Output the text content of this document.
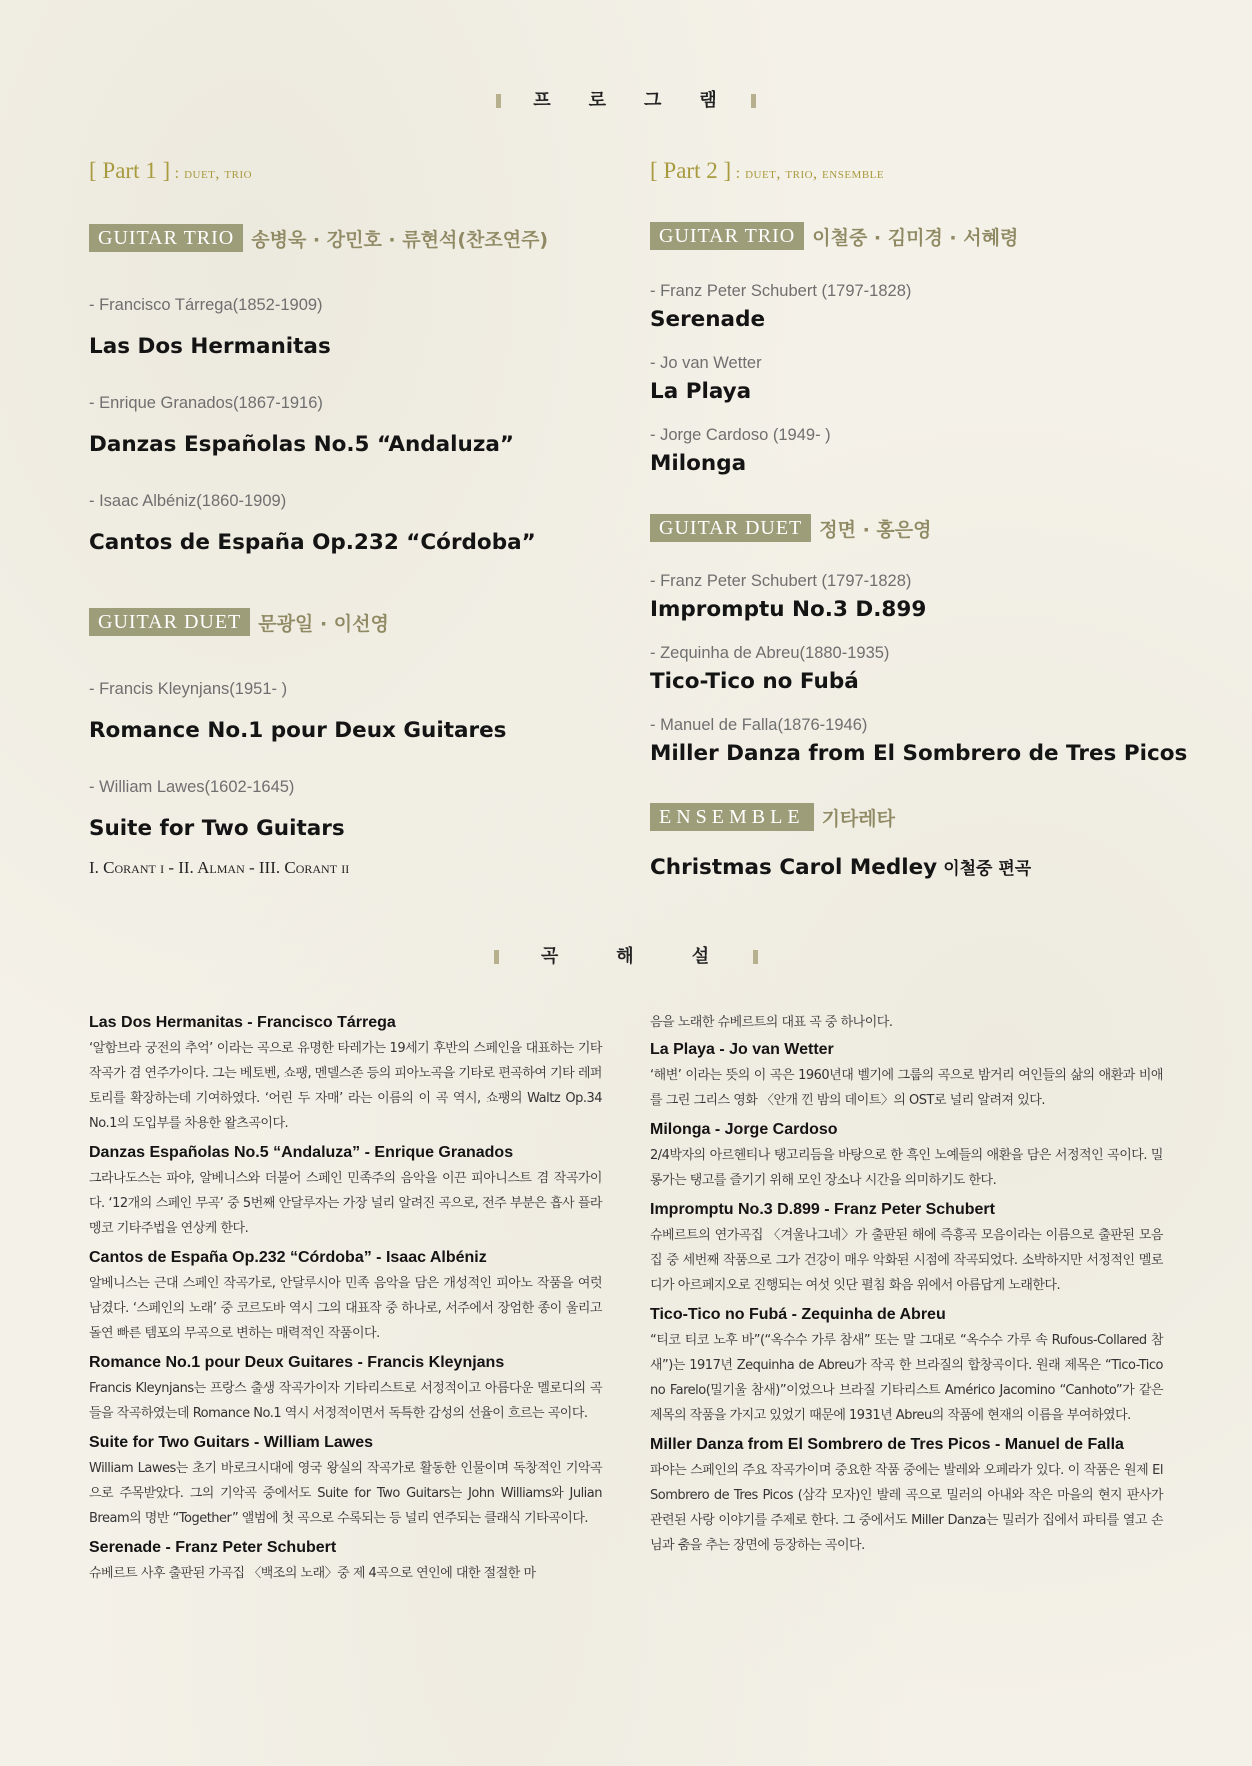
프 로 그 램
[ Part 1 ] : duet, trio
GUITAR TRIO 송병욱 · 강민호 · 류현석(찬조연주)
- Francisco Tárrega(1852-1909)
Las Dos Hermanitas
- Enrique Granados(1867-1916)
Danzas Españolas No.5 “Andaluza”
- Isaac Albéniz(1860-1909)
Cantos de España Op.232 “Córdoba”
GUITAR DUET 문광일 · 이선영
- Francis Kleynjans(1951- )
Romance No.1 pour Deux Guitares
- William Lawes(1602-1645)
Suite for Two Guitars
I. Corant i - II. Alman - III. Corant ii
[ Part 2 ] : duet, trio, ensemble
GUITAR TRIO 이철중 · 김미경 · 서혜령
- Franz Peter Schubert (1797-1828)
Serenade
- Jo van Wetter
La Playa
- Jorge Cardoso (1949- )
Milonga
GUITAR DUET 정면 · 홍은영
- Franz Peter Schubert (1797-1828)
Impromptu No.3 D.899
- Zequinha de Abreu(1880-1935)
Tico-Tico no Fubá
- Manuel de Falla(1876-1946)
Miller Danza from El Sombrero de Tres Picos
ENSEMBLE 기타레타
Christmas Carol Medley 이철중 편곡
곡	해	설

Las Dos Hermanitas - Francisco Tárrega

‘알함브라 궁전의 추억’ 이라는 곡으로 유명한 타레가는 19세기 후반의 스페인을 대표하는 기타 작곡가 겸 연주가이다. 그는 베토벤, 쇼팽, 멘델스존 등의 피아노곡을 기타로 편곡하여 기타 레퍼토리를 확장하는데 기여하였다. ‘어린 두 자매’ 라는 이름의 이 곡 역시, 쇼팽의 Waltz Op.34 No.1의 도입부를 차용한 왈츠곡이다.

Danzas Españolas No.5 “Andaluza” - Enrique Granados

그라나도스는 파야, 알베니스와 더불어 스페인 민족주의 음악을 이끈 피아니스트 겸 작곡가이다. ‘12개의 스페인 무곡’ 중 5번째 안달루자는 가장 널리 알려진 곡으로, 전주 부분은 흡사 플라멩코 기타주법을 연상케 한다.

Cantos de España Op.232 “Córdoba” - Isaac Albéniz

알베니스는 근대 스페인 작곡가로, 안달루시아 민족 음악을 담은 개성적인 피아노 작품을 여럿 남겼다. ‘스페인의 노래’ 중 코르도바 역시 그의 대표작 중 하나로, 서주에서 장엄한 종이 울리고 돌연 빠른 템포의 무곡으로 변하는 매력적인 작품이다.

Romance No.1 pour Deux Guitares - Francis Kleynjans

Francis Kleynjans는 프랑스 출생 작곡가이자 기타리스트로 서정적이고 아름다운 멜로디의 곡들을 작곡하였는데 Romance No.1 역시 서정적이면서 독특한 감성의 선율이 흐르는 곡이다.

Suite for Two Guitars - William Lawes

William Lawes는 초기 바로크시대에 영국 왕실의 작곡가로 활동한 인물이며 독창적인 기악곡으로 주목받았다. 그의 기악곡 중에서도 Suite for Two Guitars는 John Williams와 Julian Bream의 명반 “Together” 앨범에 첫 곡으로 수록되는 등 널리 연주되는 클래식 기타곡이다.

Serenade - Franz Peter Schubert

슈베르트 사후 출판된 가곡집 〈백조의 노래〉중 제 4곡으로 연인에 대한 절절한 마

음을 노래한 슈베르트의 대표 곡 중 하나이다.

La Playa - Jo van Wetter

‘해변’ 이라는 뜻의 이 곡은 1960년대 벨기에 그룹의 곡으로 밤거리 여인들의 삶의 애환과 비애를 그린 그리스 영화 〈안개 낀 밤의 데이트〉의 OST로 널리 알려져 있다.

Milonga - Jorge Cardoso

2/4박자의 아르헨티나 탱고리듬을 바탕으로 한 흑인 노예들의 애환을 담은 서정적인 곡이다. 밀롱가는 탱고를 즐기기 위해 모인 장소나 시간을 의미하기도 한다.

Impromptu No.3 D.899 - Franz Peter Schubert

슈베르트의 연가곡집 〈겨울나그네〉가 출판된 해에 즉흥곡 모음이라는 이름으로 출판된 모음집 중 세번째 작품으로 그가 건강이 매우 악화된 시점에 작곡되었다. 소박하지만 서정적인 멜로디가 아르페지오로 진행되는 여섯 잇단 펼침 화음 위에서 아름답게 노래한다.

Tico-Tico no Fubá - Zequinha de Abreu

“티코 티코 노후 바”(“옥수수 가루 참새” 또는 말 그대로 “옥수수 가루 속 Rufous-Collared 참새”)는 1917년 Zequinha de Abreu가 작곡 한 브라질의 합창곡이다. 원래 제목은 “Tico-Tico no Farelo(밀기울 참새)”이었으나 브라질 기타리스트 Américo Jacomino “Canhoto”가 같은 제목의 작품을 가지고 있었기 때문에 1931년 Abreu의 작품에 현재의 이름을 부여하였다.

Miller Danza from El Sombrero de Tres Picos - Manuel de Falla

파야는 스페인의 주요 작곡가이며 중요한 작품 중에는 발레와 오페라가 있다. 이 작품은 원제 El Sombrero de Tres Picos (삼각 모자)인 발레 곡으로 밀러의 아내와 작은 마을의 현지 판사가 관련된 사랑 이야기를 주제로 한다. 그 중에서도 Miller Danza는 밀러가 집에서 파티를 열고 손님과 춤을 추는 장면에 등장하는 곡이다.
